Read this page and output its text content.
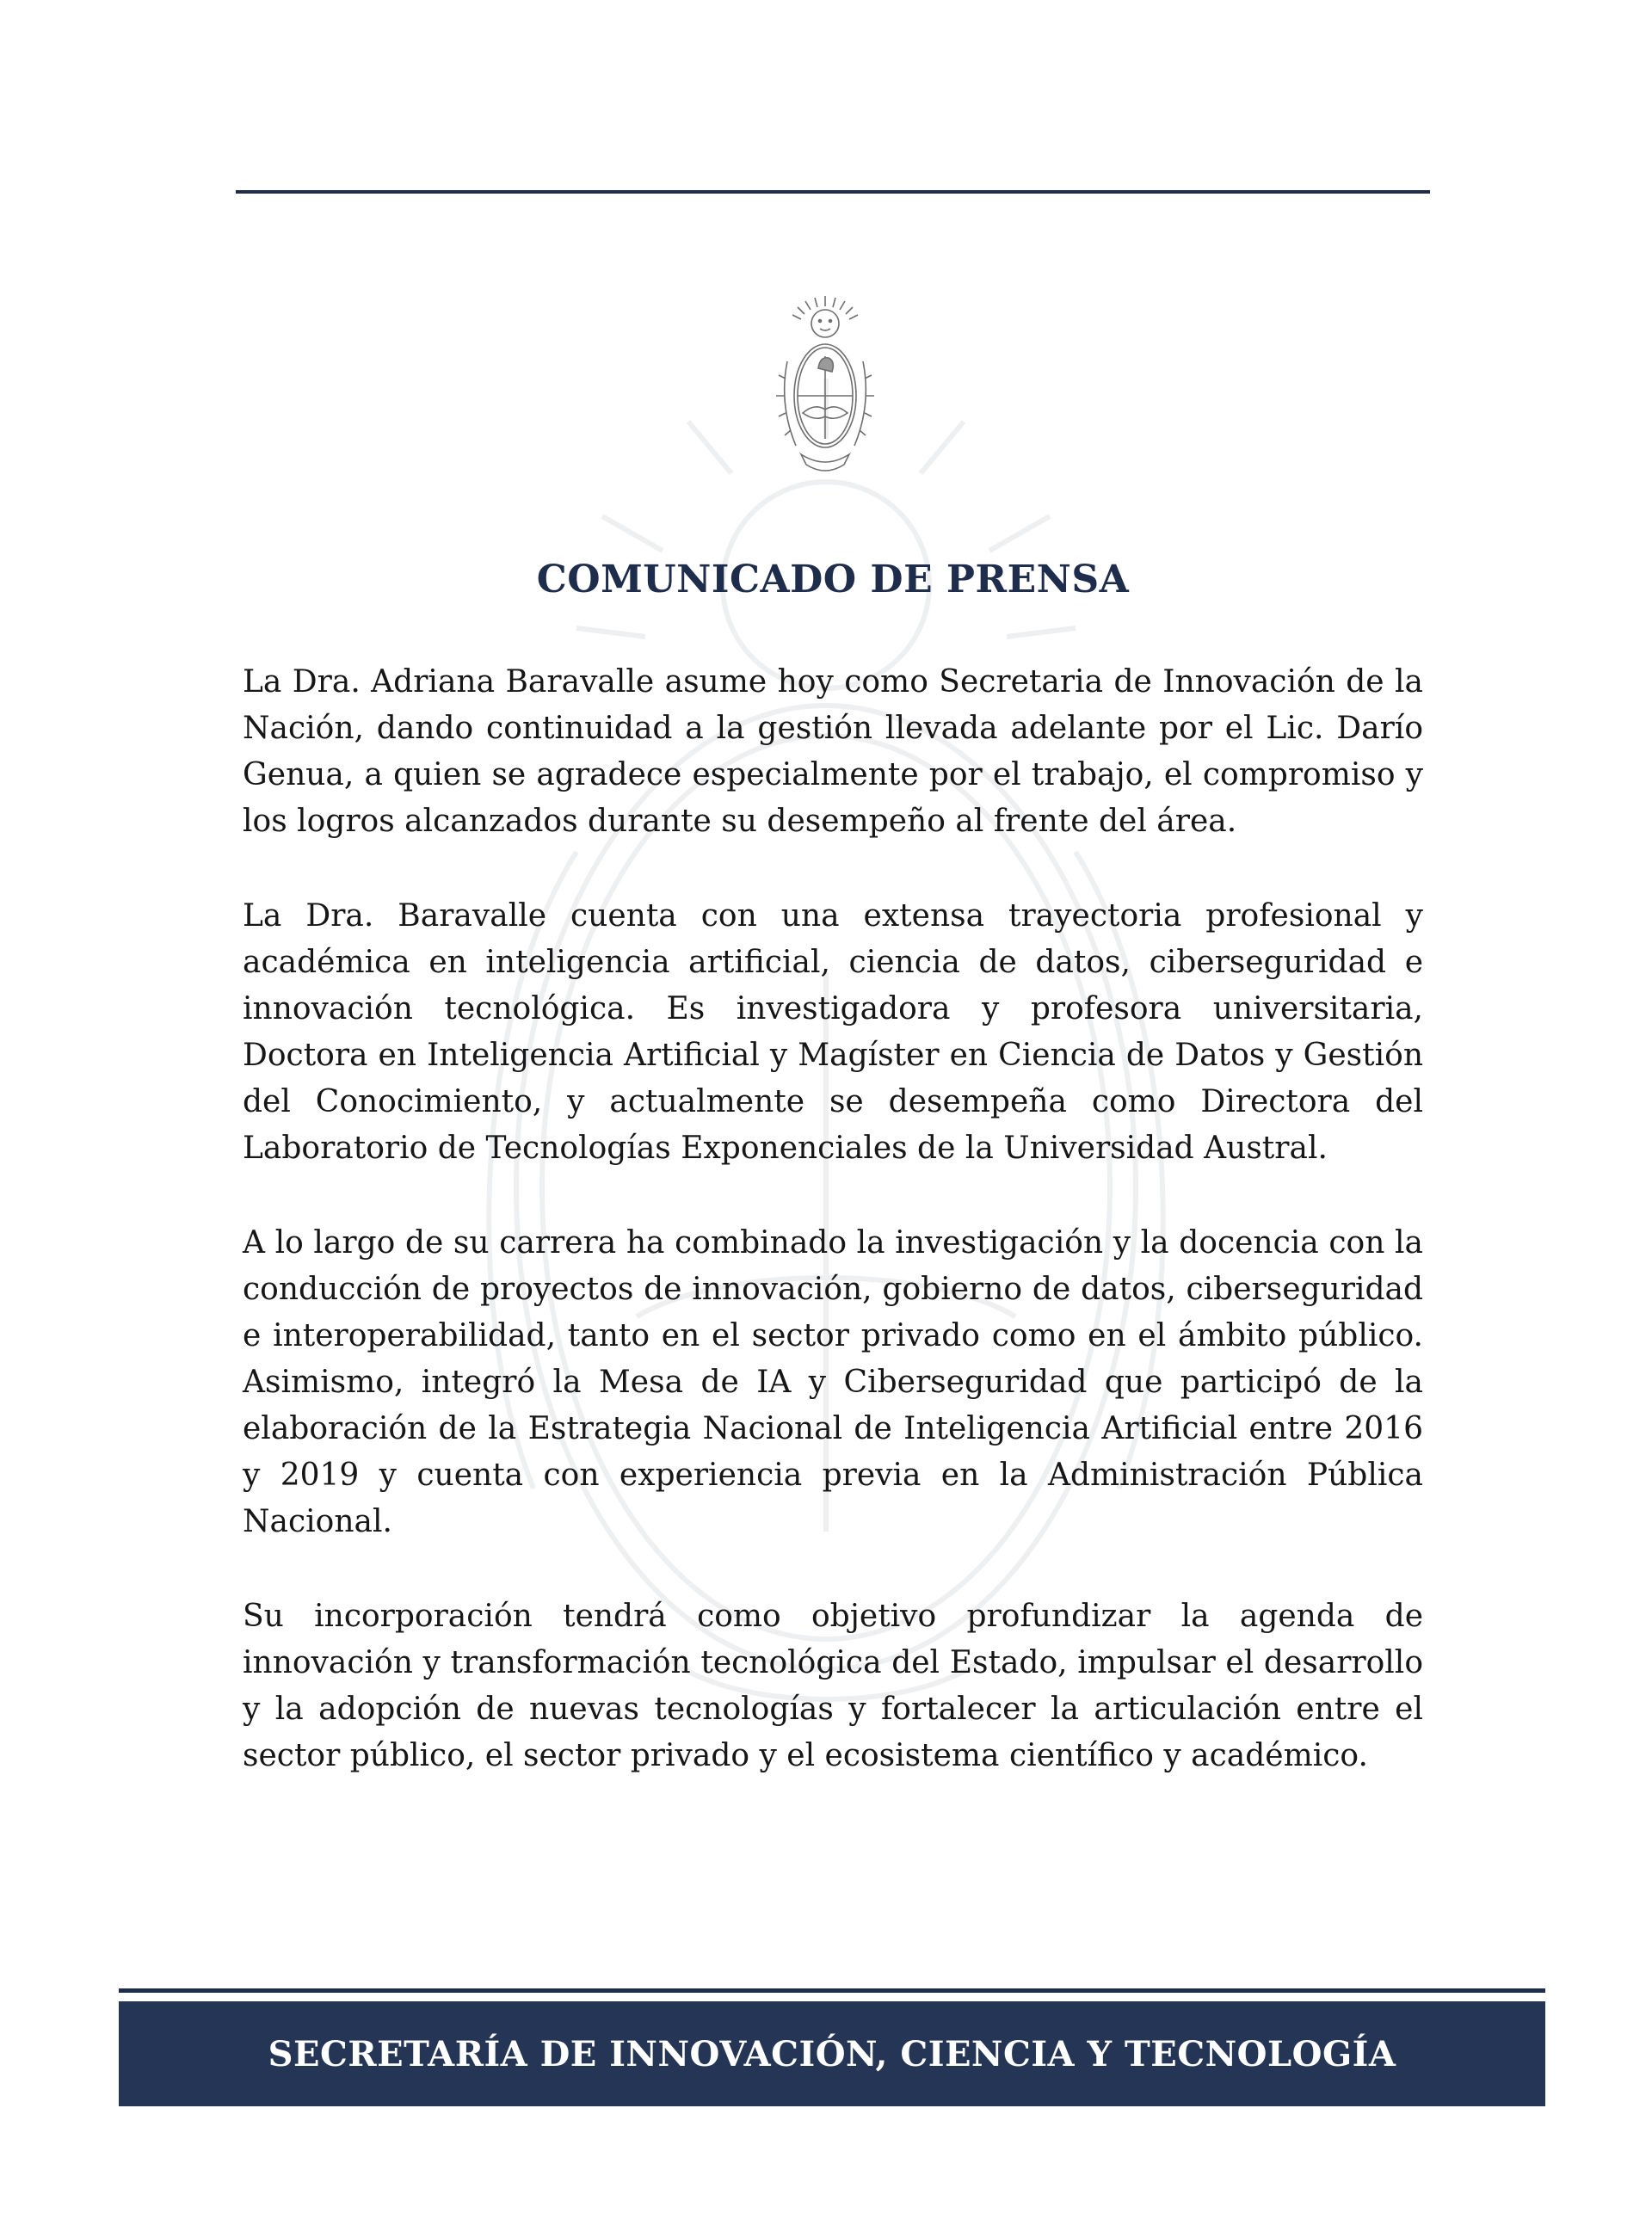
COMUNICADO DE PRENSA

La Dra. Adriana Baravalle asume hoy como Secretaria de Innovación de la Nación, dando continuidad a la gestión llevada adelante por el Lic. Darío Genua, a quien se agradece especialmente por el trabajo, el compromiso y los logros alcanzados durante su desempeño al frente del área.

La Dra. Baravalle cuenta con una extensa trayectoria profesional y académica en inteligencia artificial, ciencia de datos, ciberseguridad e innovación tecnológica. Es investigadora y profesora universitaria, Doctora en Inteligencia Artificial y Magíster en Ciencia de Datos y Gestión del Conocimiento, y actualmente se desempeña como Directora del Laboratorio de Tecnologías Exponenciales de la Universidad Austral.

A lo largo de su carrera ha combinado la investigación y la docencia con la conducción de proyectos de innovación, gobierno de datos, ciberseguridad e interoperabilidad, tanto en el sector privado como en el ámbito público. Asimismo, integró la Mesa de IA y Ciberseguridad que participó de la elaboración de la Estrategia Nacional de Inteligencia Artificial entre 2016 y 2019 y cuenta con experiencia previa en la Administración Pública Nacional.

Su incorporación tendrá como objetivo profundizar la agenda de innovación y transformación tecnológica del Estado, impulsar el desarrollo y la adopción de nuevas tecnologías y fortalecer la articulación entre el sector público, el sector privado y el ecosistema científico y académico.

SECRETARÍA DE INNOVACIÓN, CIENCIA Y TECNOLOGÍA
